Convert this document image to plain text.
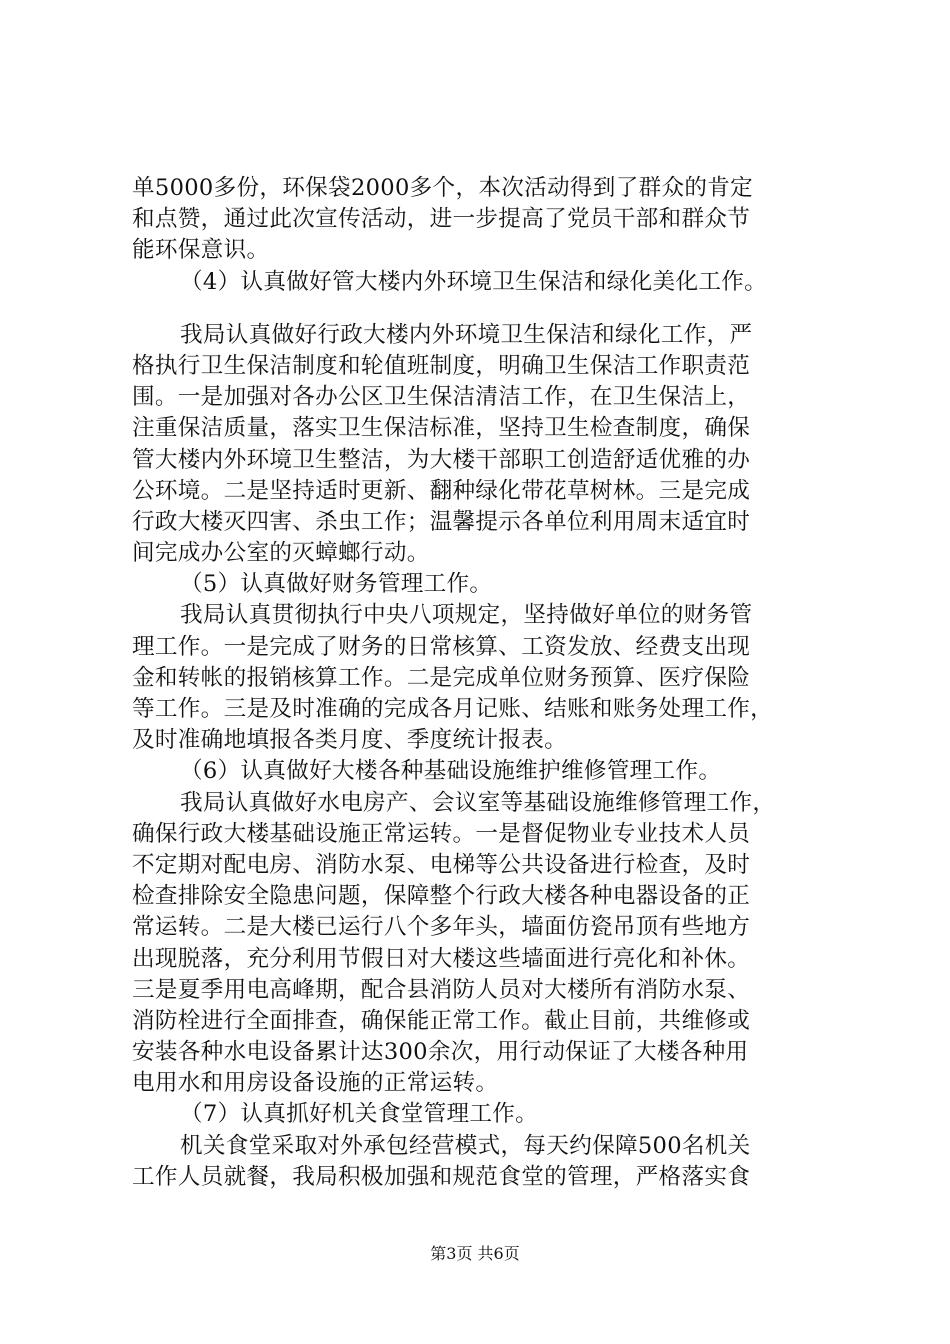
单5000多份，环保袋2000多个，本次活动得到了群众的肯定
和点赞，通过此次宣传活动，进一步提高了党员干部和群众节
能环保意识。
（4）认真做好管大楼内外环境卫生保洁和绿化美化工作。
我局认真做好行政大楼内外环境卫生保洁和绿化工作，严
格执行卫生保洁制度和轮值班制度，明确卫生保洁工作职责范
围。一是加强对各办公区卫生保洁清洁工作，在卫生保洁上，
注重保洁质量，落实卫生保洁标准，坚持卫生检查制度，确保
管大楼内外环境卫生整洁，为大楼干部职工创造舒适优雅的办
公环境。二是坚持适时更新、翻种绿化带花草树林。三是完成
行政大楼灭四害、杀虫工作；温馨提示各单位利用周末适宜时
间完成办公室的灭蟑螂行动。
（5）认真做好财务管理工作。
我局认真贯彻执行中央八项规定，坚持做好单位的财务管
理工作。一是完成了财务的日常核算、工资发放、经费支出现
金和转帐的报销核算工作。二是完成单位财务预算、医疗保险
等工作。三是及时准确的完成各月记账、结账和账务处理工作，
及时准确地填报各类月度、季度统计报表。
（6）认真做好大楼各种基础设施维护维修管理工作。
我局认真做好水电房产、会议室等基础设施维修管理工作，
确保行政大楼基础设施正常运转。一是督促物业专业技术人员
不定期对配电房、消防水泵、电梯等公共设备进行检查，及时
检查排除安全隐患问题，保障整个行政大楼各种电器设备的正
常运转。二是大楼已运行八个多年头，墙面仿瓷吊顶有些地方
出现脱落，充分利用节假日对大楼这些墙面进行亮化和补休。
三是夏季用电高峰期，配合县消防人员对大楼所有消防水泵、
消防栓进行全面排查，确保能正常工作。截止目前，共维修或
安装各种水电设备累计达300余次，用行动保证了大楼各种用
电用水和用房设备设施的正常运转。
（7）认真抓好机关食堂管理工作。
机关食堂采取对外承包经营模式，每天约保障500名机关
工作人员就餐，我局积极加强和规范食堂的管理，严格落实食
第3页 共6页
